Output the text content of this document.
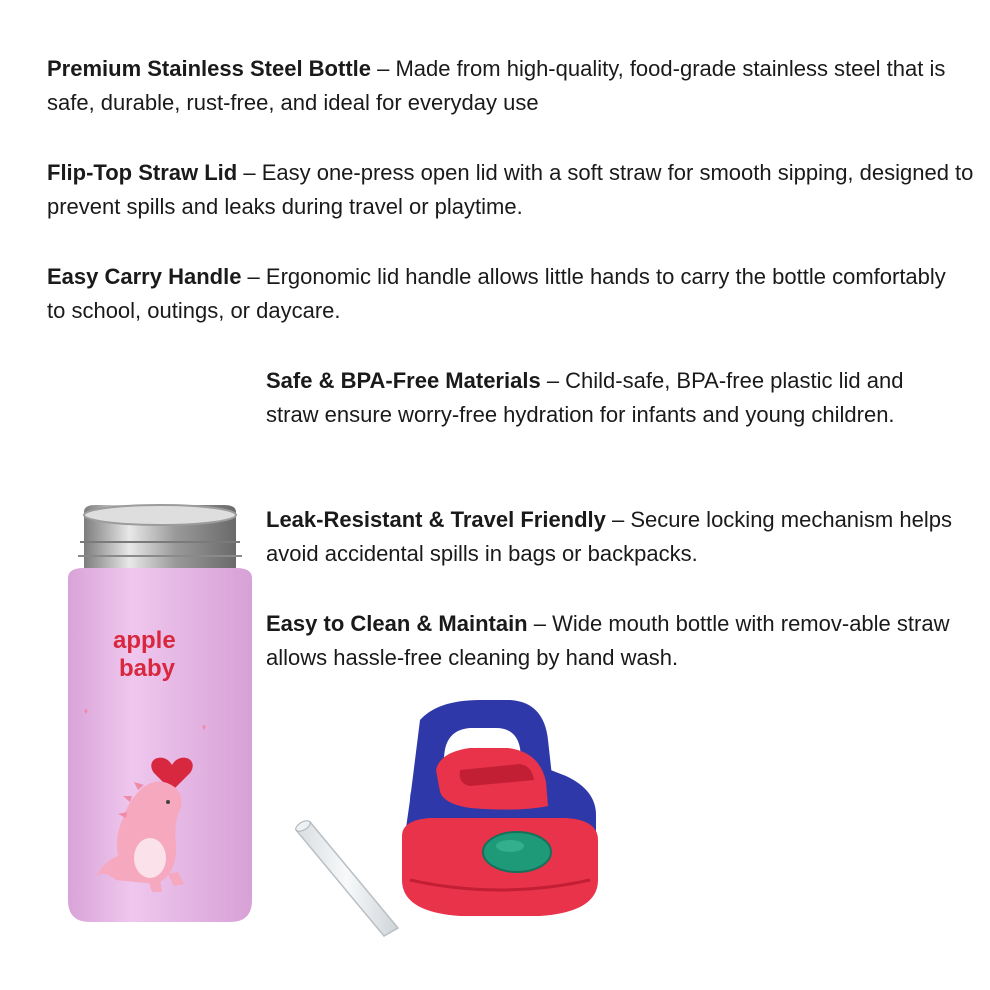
Premium Stainless Steel Bottle – Made from high-quality, food-grade stainless steel that is safe, durable, rust-free, and ideal for everyday use

Flip-Top Straw Lid – Easy one-press open lid with a soft straw for smooth sipping, designed to prevent spills and leaks during travel or playtime.

Easy Carry Handle – Ergonomic lid handle allows little hands to carry the bottle comfortably to school, outings, or daycare.

Safe & BPA-Free Materials – Child-safe, BPA-free plastic lid and straw ensure worry-free hydration for infants and young children.

Leak-Resistant & Travel Friendly – Secure locking mechanism helps avoid accidental spills in bags or backpacks.

Easy to Clean & Maintain – Wide mouth bottle with remov-able straw allows hassle-free cleaning by hand wash.

apple
baby
